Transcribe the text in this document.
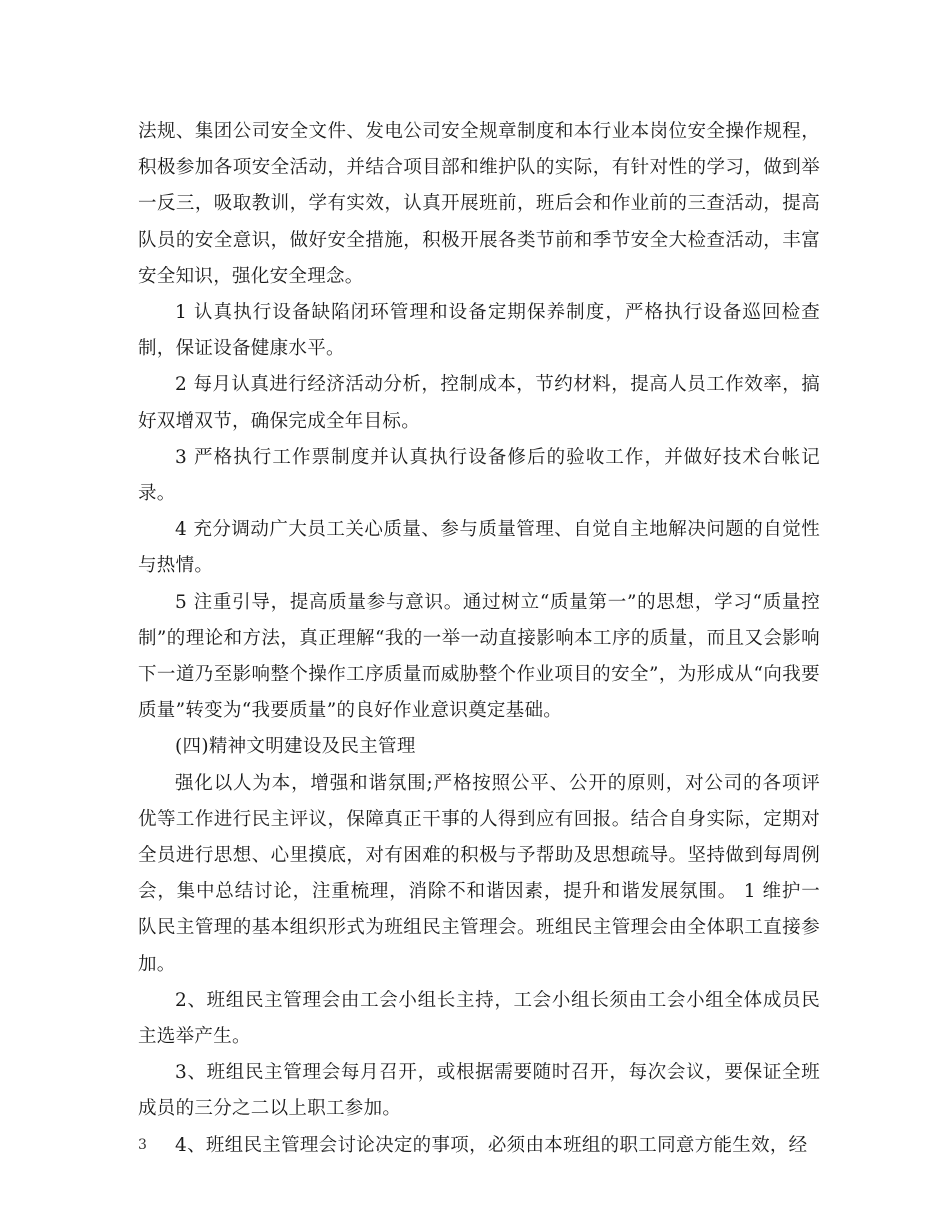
法规、集团公司安全文件、发电公司安全规章制度和本行业本岗位安全操作规程，积极参加各项安全活动，并结合项目部和维护队的实际，有针对性的学习，做到举一反三，吸取教训，学有实效，认真开展班前，班后会和作业前的三查活动，提高队员的安全意识，做好安全措施，积极开展各类节前和季节安全大检查活动，丰富安全知识，强化安全理念。

1 认真执行设备缺陷闭环管理和设备定期保养制度，严格执行设备巡回检查制，保证设备健康水平。

2 每月认真进行经济活动分析，控制成本，节约材料，提高人员工作效率，搞好双增双节，确保完成全年目标。

3 严格执行工作票制度并认真执行设备修后的验收工作，并做好技术台帐记录。

4 充分调动广大员工关心质量、参与质量管理、自觉自主地解决问题的自觉性与热情。

5 注重引导，提高质量参与意识。通过树立“质量第一”的思想，学习“质量控制”的理论和方法，真正理解“我的一举一动直接影响本工序的质量，而且又会影响下一道乃至影响整个操作工序质量而威胁整个作业项目的安全”，为形成从“向我要质量”转变为“我要质量”的良好作业意识奠定基础。

(四)精神文明建设及民主管理

强化以人为本，增强和谐氛围;严格按照公平、公开的原则，对公司的各项评优等工作进行民主评议，保障真正干事的人得到应有回报。结合自身实际，定期对全员进行思想、心里摸底，对有困难的积极与予帮助及思想疏导。坚持做到每周例会，集中总结讨论，注重梳理，消除不和谐因素，提升和谐发展氛围。 1 维护一队民主管理的基本组织形式为班组民主管理会。班组民主管理会由全体职工直接参加。

2、班组民主管理会由工会小组长主持，工会小组长须由工会小组全体成员民主选举产生。

3、班组民主管理会每月召开，或根据需要随时召开，每次会议，要保证全班成员的三分之二以上职工参加。

4、班组民主管理会讨论决定的事项，必须由本班组的职工同意方能生效，经

3
